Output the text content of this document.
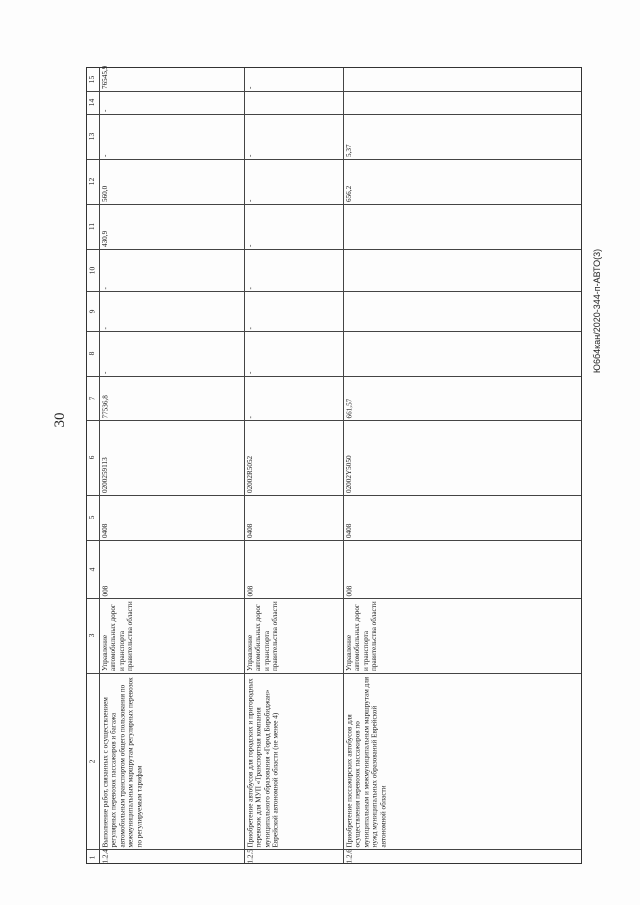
30
Ю6б4кан/2020-344-п-АВТО(3)
1
2
3
4
5
6
7
8
9
10
11
12
13
14
15
1.2.4
Выполнение работ, связанных с осуществлением регулярных перевозок пассажиров и багажа автомобильным транспортом общего пользования по межмуниципальным маршрутам регулярных перевозок по регулируемым тарифам
Управление автомобильных дорог и транспорта правительства области
008
0408
0200259113
77536,8
-
-
-
430,9
560,0
-
-
76545,9
1.2.5
Приобретение автобусов для городских и пригородных перевозок для МУП «Транспортная компания муниципального образования «Город Биробиджан» Еврейской автономной области (не менее 4)
Управление автомобильных дорог и транспорта правительства области
008
0408
02002R5052
-
-
-
-
-
-
-
-
1.2.6
Приобретение пассажирских автобусов для осуществления перевозок пассажиров по муниципальным и межмуниципальным маршрутам для нужд муниципальных образований Еврейской автономной области
Управление автомобильных дорог и транспорта правительства области
008
0408
02002Y5050
661,57
656,2
5,37
